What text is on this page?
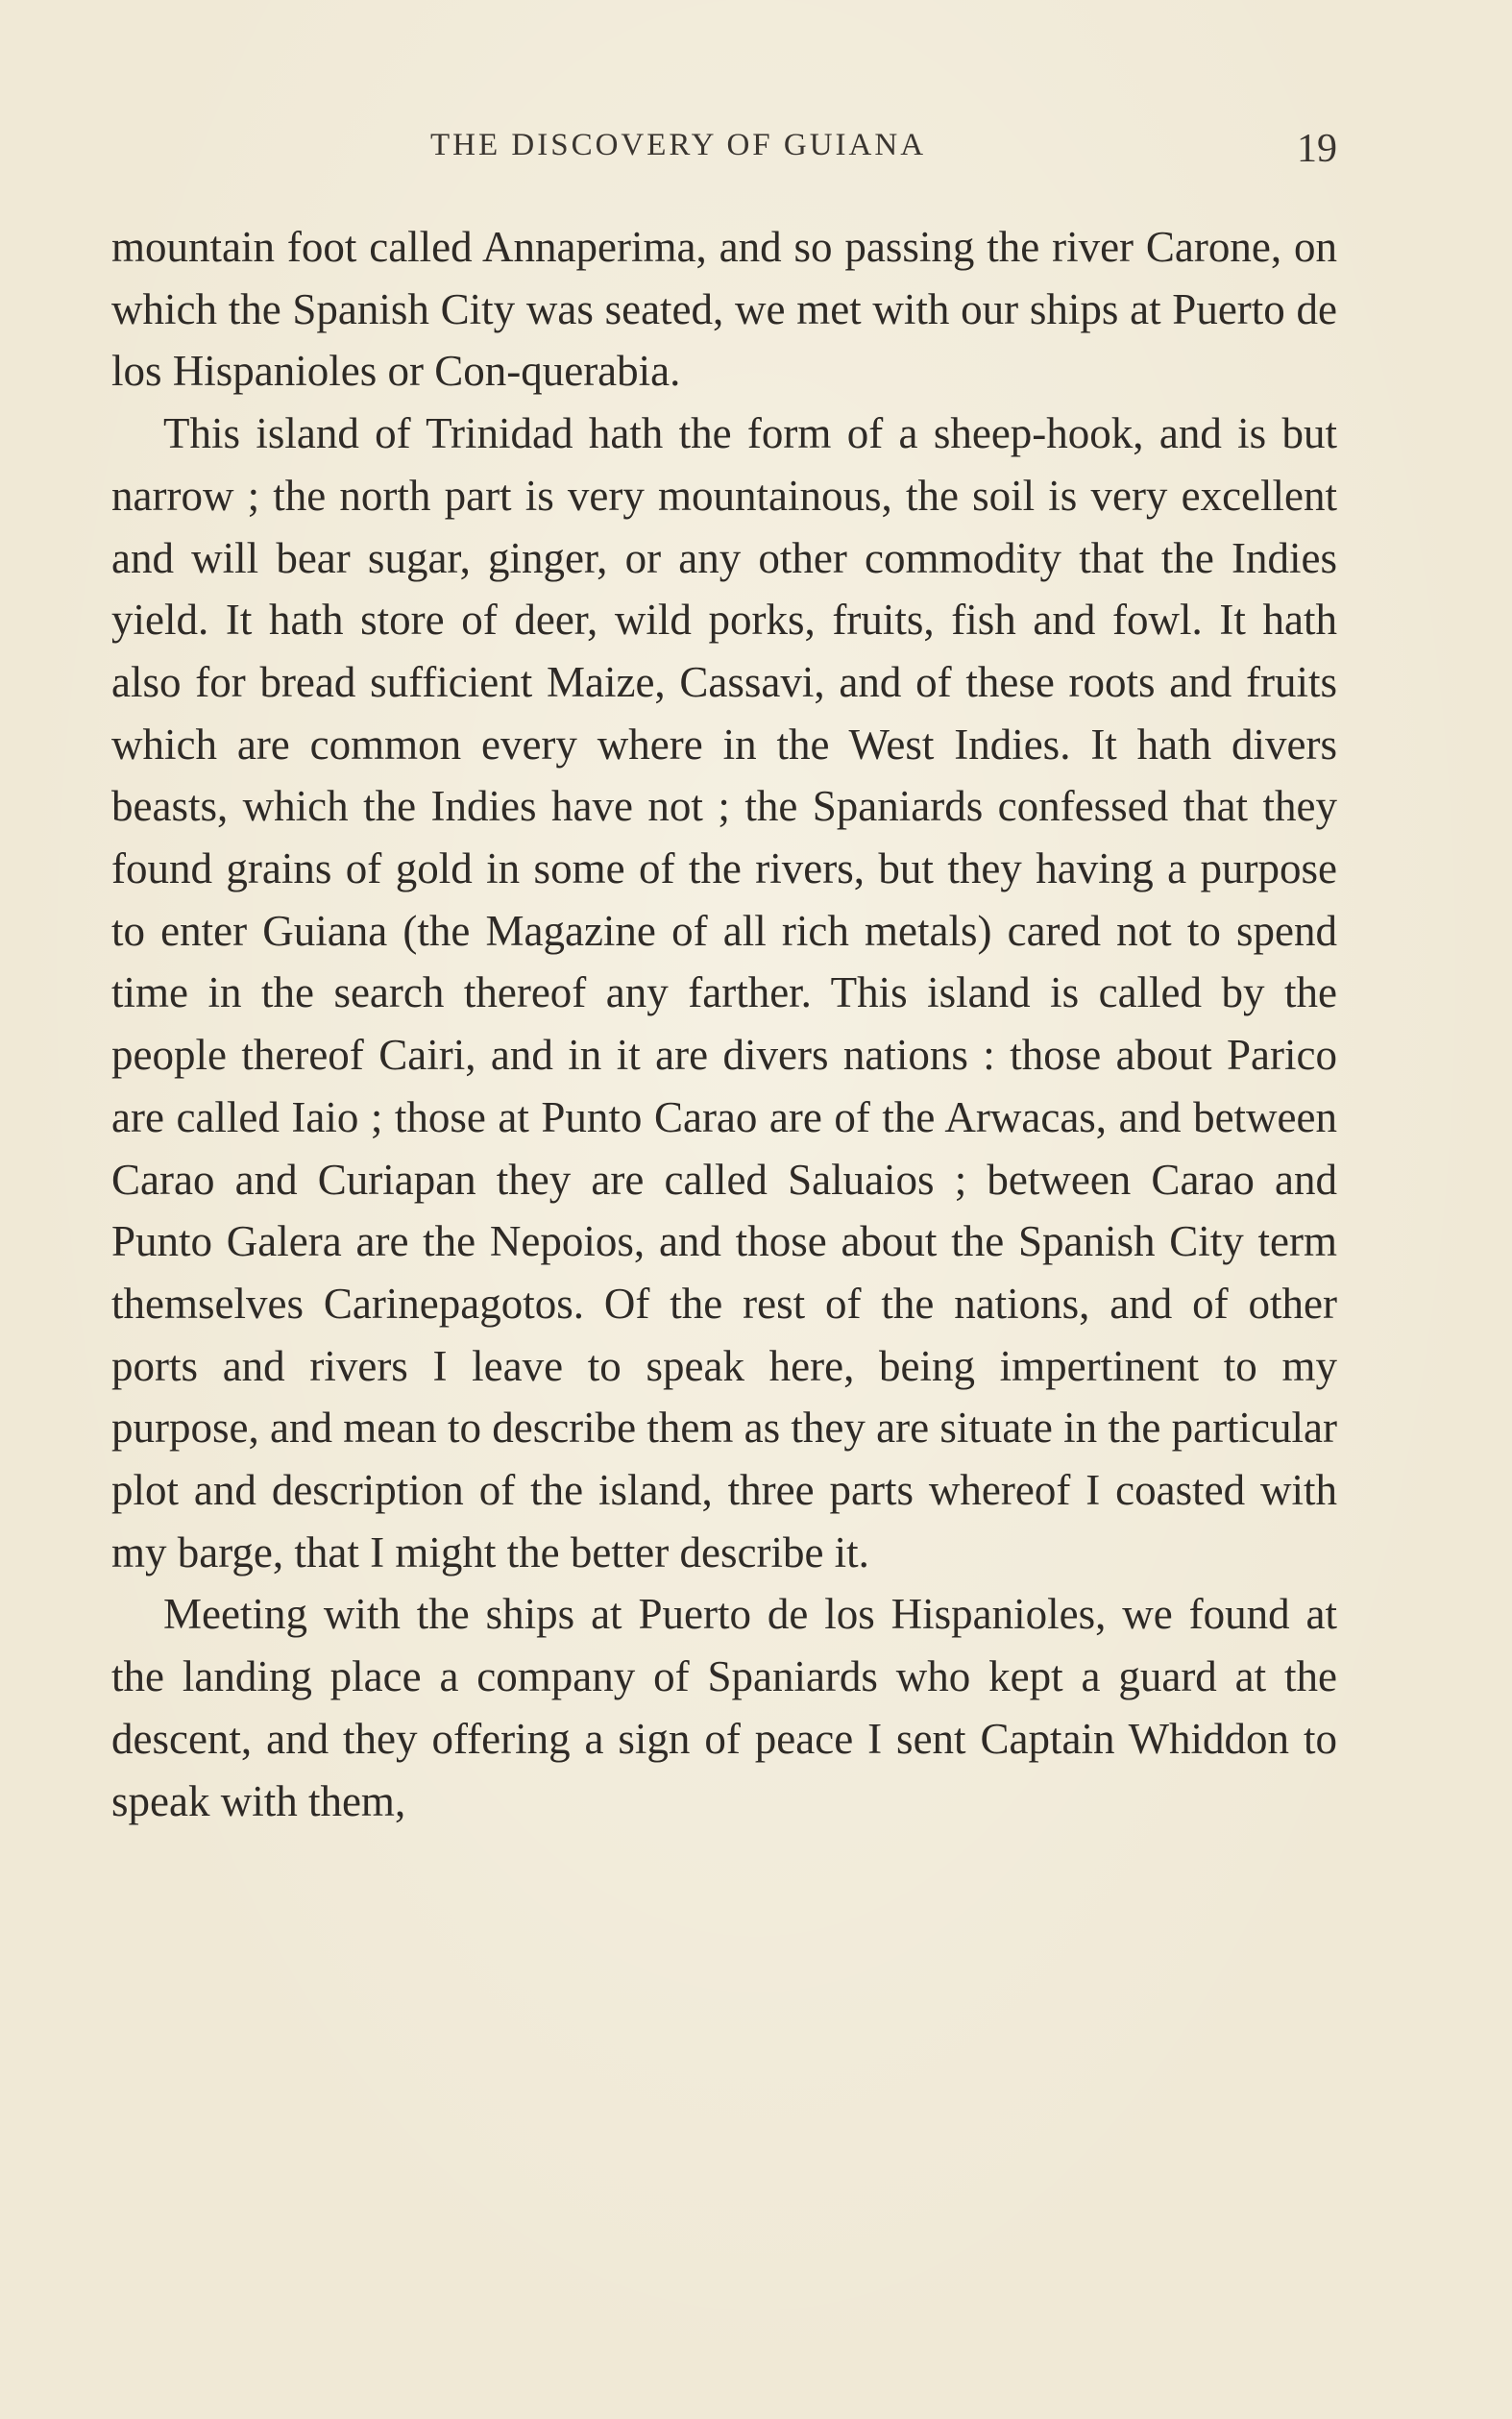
THE DISCOVERY OF GUIANA	19

mountain foot called Annaperima, and so passing the river Carone, on which the Spanish City was seated, we met with our ships at Puerto de los Hispanioles or Con-querabia.

This island of Trinidad hath the form of a sheep-hook, and is but narrow ; the north part is very mountainous, the soil is very excellent and will bear sugar, ginger, or any other commodity that the Indies yield. It hath store of deer, wild porks, fruits, fish and fowl. It hath also for bread sufficient Maize, Cassavi, and of these roots and fruits which are common every where in the West Indies. It hath divers beasts, which the Indies have not ; the Spaniards confessed that they found grains of gold in some of the rivers, but they having a purpose to enter Guiana (the Magazine of all rich metals) cared not to spend time in the search thereof any farther. This island is called by the people thereof Cairi, and in it are divers nations : those about Parico are called Iaio ; those at Punto Carao are of the Arwacas, and between Carao and Curiapan they are called Saluaios ; between Carao and Punto Galera are the Nepoios, and those about the Spanish City term themselves Carinepagotos. Of the rest of the nations, and of other ports and rivers I leave to speak here, being impertinent to my purpose, and mean to describe them as they are situate in the particular plot and description of the island, three parts whereof I coasted with my barge, that I might the better describe it.

Meeting with the ships at Puerto de los Hispanioles, we found at the landing place a company of Spaniards who kept a guard at the descent, and they offering a sign of peace I sent Captain Whiddon to speak with them,
